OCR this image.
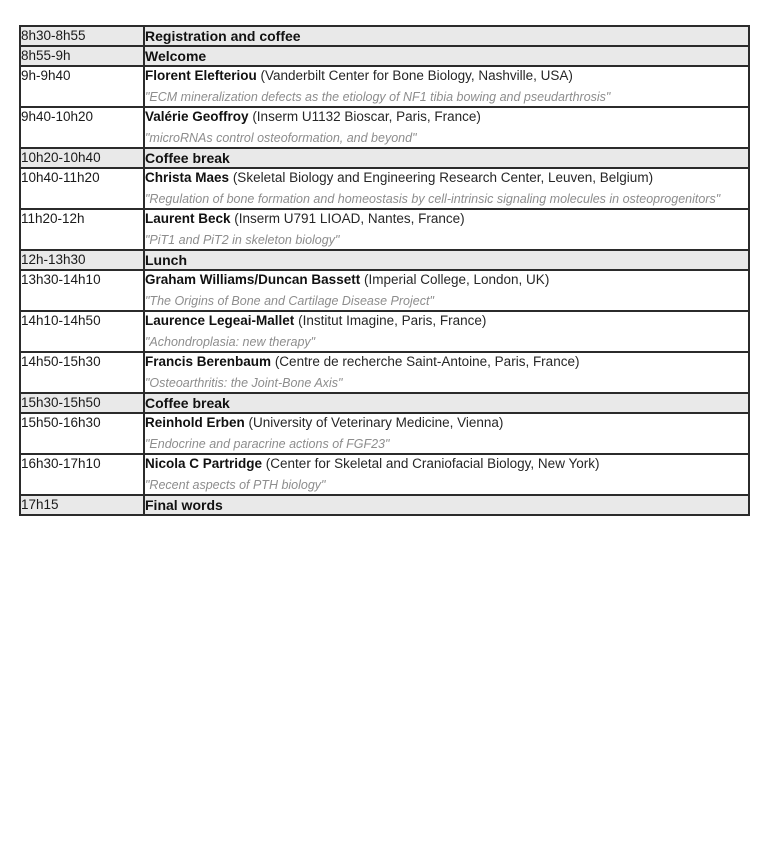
8h30-8h55	Registration and coffee
8h55-9h	Welcome
9h-9h40	Florent Elefteriou (Vanderbilt Center for Bone Biology, Nashville, USA)
"ECM mineralization defects as the etiology of NF1 tibia bowing and pseudarthrosis"

9h40-10h20	Valérie Geoffroy (Inserm U1132 Bioscar, Paris, France)
"microRNAs control osteoformation, and beyond"

10h20-10h40	Coffee break
10h40-11h20	Christa Maes (Skeletal Biology and Engineering Research Center, Leuven, Belgium)
"Regulation of bone formation and homeostasis by cell-intrinsic signaling molecules in osteoprogenitors"

11h20-12h	Laurent Beck (Inserm U791 LIOAD, Nantes, France)
"PiT1 and PiT2 in skeleton biology"

12h-13h30	Lunch
13h30-14h10	Graham Williams/Duncan Bassett (Imperial College, London, UK)
"The Origins of Bone and Cartilage Disease Project"

14h10-14h50	Laurence Legeai-Mallet (Institut Imagine, Paris, France)
"Achondroplasia: new therapy"

14h50-15h30	Francis Berenbaum (Centre de recherche Saint-Antoine, Paris, France)
"Osteoarthritis: the Joint-Bone Axis"

15h30-15h50	Coffee break
15h50-16h30	Reinhold Erben (University of Veterinary Medicine, Vienna)
"Endocrine and paracrine actions of FGF23"

16h30-17h10	Nicola C Partridge (Center for Skeletal and Craniofacial Biology, New York)
"Recent aspects of PTH biology"

17h15	Final words
